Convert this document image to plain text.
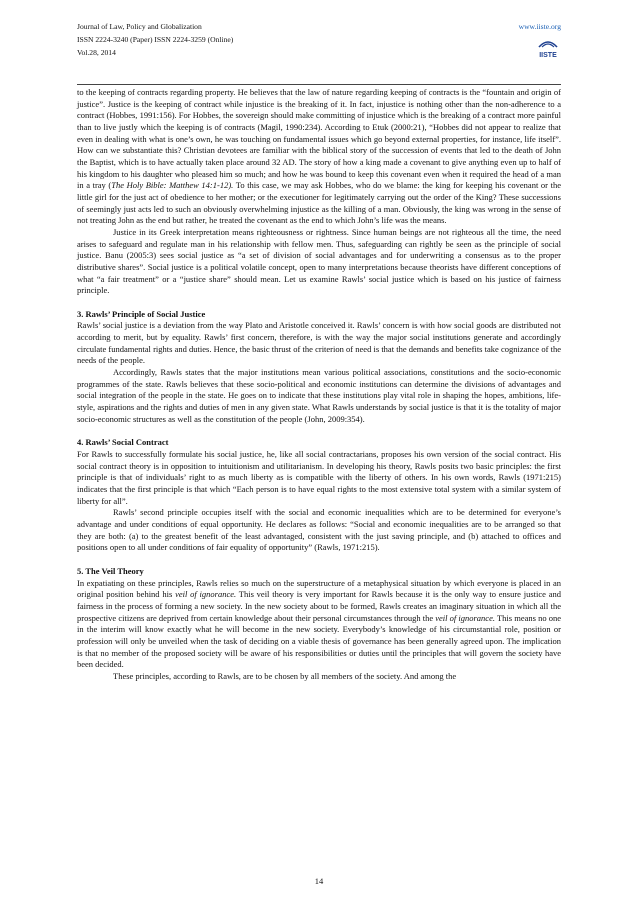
Journal of Law, Policy and Globalization
ISSN 2224-3240 (Paper) ISSN 2224-3259 (Online)
Vol.28, 2014
www.iiste.org
IISTE

to the keeping of contracts regarding property. He believes that the law of nature regarding keeping of contracts is the “fountain and origin of justice”. Justice is the keeping of contract while injustice is the breaking of it. In fact, injustice is nothing other than the non-adherence to a contract (Hobbes, 1991:156). For Hobbes, the sovereign should make committing of injustice which is the breaking of a contract more painful than to live justly which the keeping is of contracts (Magil, 1990:234). According to Etuk (2000:21), “Hobbes did not appear to realize that even in dealing with what is one’s own, he was touching on fundamental issues which go beyond external properties, for instance, life itself”. How can we substantiate this? Christian devotees are familiar with the biblical story of the succession of events that led to the death of John the Baptist, which is to have actually taken place around 32 AD. The story of how a king made a covenant to give anything even up to half of his kingdom to his daughter who pleased him so much; and how he was bound to keep this covenant even when it required the head of a man in a tray (The Holy Bible: Matthew 14:1-12). To this case, we may ask Hobbes, who do we blame: the king for keeping his covenant or the little girl for the just act of obedience to her mother; or the executioner for legitimately carrying out the order of the King? These successions of seemingly just acts led to such an obviously overwhelming injustice as the killing of a man. Obviously, the king was wrong in the sense of not treating John as the end but rather, he treated the covenant as the end to which John’s life was the means.

Justice in its Greek interpretation means righteousness or rightness. Since human beings are not righteous all the time, the need arises to safeguard and regulate man in his relationship with fellow men. Thus, safeguarding can rightly be seen as the principle of social justice. Banu (2005:3) sees social justice as “a set of division of social advantages and for underwriting a consensus as to the proper distributive shares”. Social justice is a political volatile concept, open to many interpretations because theorists have different conceptions of what “a fair treatment” or a “justice share” should mean. Let us examine Rawls’ social justice which is based on his justice of fairness principle.

3. Rawls’ Principle of Social Justice

Rawls’ social justice is a deviation from the way Plato and Aristotle conceived it. Rawls’ concern is with how social goods are distributed not according to merit, but by equality. Rawls’ first concern, therefore, is with the way the major social institutions generate and accordingly circulate fundamental rights and duties. Hence, the basic thrust of the criterion of need is that the demands and benefits take cognizance of the needs of the people.

Accordingly, Rawls states that the major institutions mean various political associations, constitutions and the socio-economic programmes of the state. Rawls believes that these socio-political and economic institutions can determine the divisions of advantages and social integration of the people in the state. He goes on to indicate that these institutions play vital role in shaping the hopes, ambitions, life-style, aspirations and the rights and duties of men in any given state. What Rawls understands by social justice is that it is the totality of major socio-economic structures as well as the constitution of the people (John, 2009:354).

4. Rawls’ Social Contract

For Rawls to successfully formulate his social justice, he, like all social contractarians, proposes his own version of the social contract. His social contract theory is in opposition to intuitionism and utilitarianism. In developing his theory, Rawls posits two basic principles: the first principle is that of individuals’ right to as much liberty as is compatible with the liberty of others. In his own words, Rawls (1971:215) indicates that the first principle is that which “Each person is to have equal rights to the most extensive total system with a similar system of liberty for all”.

Rawls’ second principle occupies itself with the social and economic inequalities which are to be determined for everyone’s advantage and under conditions of equal opportunity. He declares as follows: “Social and economic inequalities are to be arranged so that they are both: (a) to the greatest benefit of the least advantaged, consistent with the just saving principle, and (b) attached to offices and positions open to all under conditions of fair equality of opportunity” (Rawls, 1971:215).

5. The Veil Theory

In expatiating on these principles, Rawls relies so much on the superstructure of a metaphysical situation by which everyone is placed in an original position behind his veil of ignorance. This veil theory is very important for Rawls because it is the only way to ensure justice and fairness in the process of forming a new society. In the new society about to be formed, Rawls creates an imaginary situation in which all the prospective citizens are deprived from certain knowledge about their personal circumstances through the veil of ignorance. This means no one in the interim will know exactly what he will become in the new society. Everybody’s knowledge of his circumstantial role, position or profession will only be unveiled when the task of deciding on a viable thesis of governance has been generally agreed upon. The implication is that no member of the proposed society will be aware of his responsibilities or duties until the principles that will govern the society have been decided.

These principles, according to Rawls, are to be chosen by all members of the society. And among the

14
